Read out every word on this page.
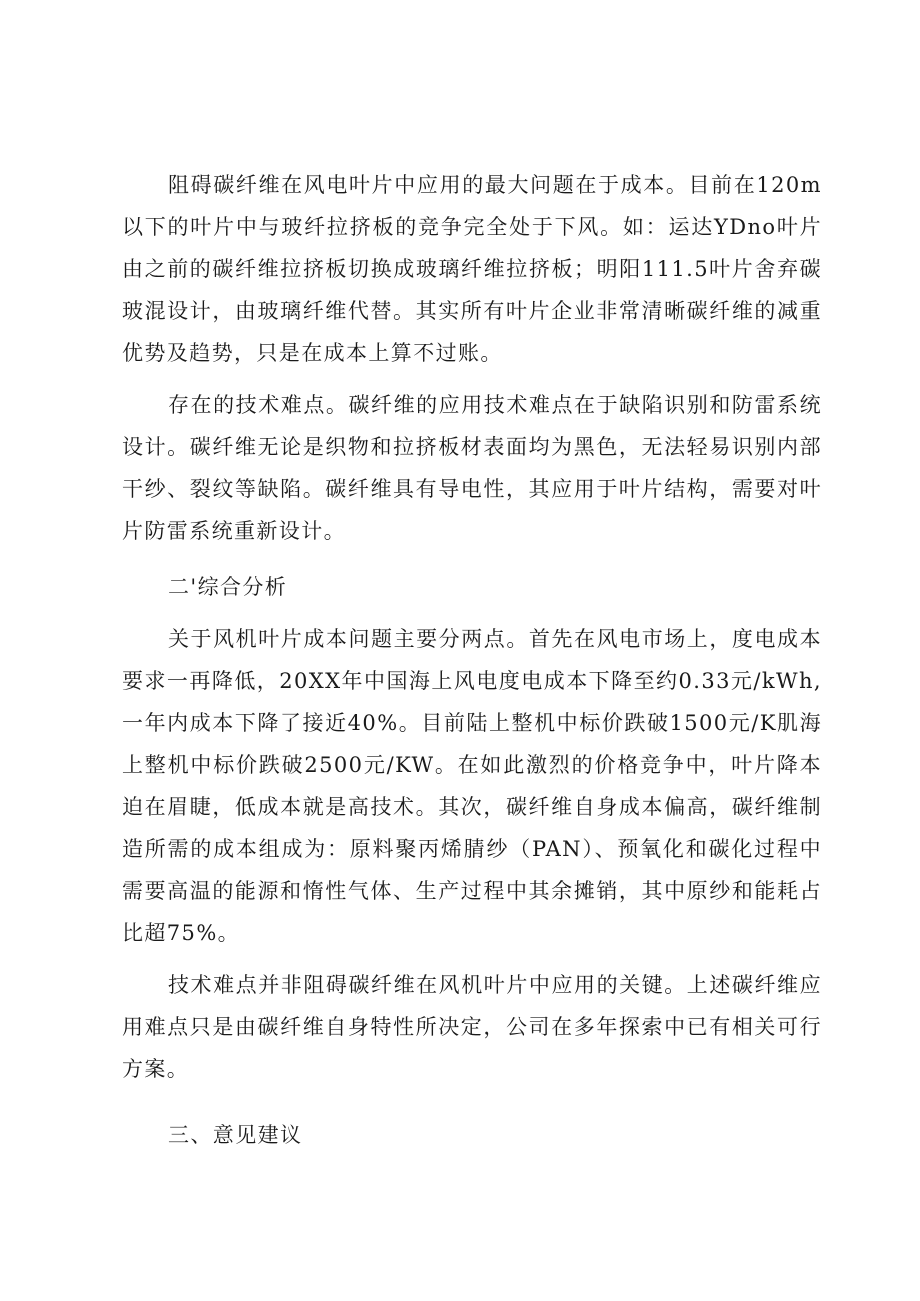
阻碍碳纤维在风电叶片中应用的最大问题在于成本。目前在120m以下的叶片中与玻纤拉挤板的竞争完全处于下风。如：运达YDno叶片由之前的碳纤维拉挤板切换成玻璃纤维拉挤板；明阳111.5叶片舍弃碳玻混设计，由玻璃纤维代替。其实所有叶片企业非常清晰碳纤维的减重优势及趋势，只是在成本上算不过账。

存在的技术难点。碳纤维的应用技术难点在于缺陷识别和防雷系统设计。碳纤维无论是织物和拉挤板材表面均为黑色，无法轻易识别内部干纱、裂纹等缺陷。碳纤维具有导电性，其应用于叶片结构，需要对叶片防雷系统重新设计。

二'综合分析

关于风机叶片成本问题主要分两点。首先在风电市场上，度电成本要求一再降低，20XX年中国海上风电度电成本下降至约0.33元/kWh,一年内成本下降了接近40%。目前陆上整机中标价跌破1500元/K肌海上整机中标价跌破2500元/KW。在如此激烈的价格竞争中，叶片降本迫在眉睫，低成本就是高技术。其次，碳纤维自身成本偏高，碳纤维制造所需的成本组成为：原料聚丙烯腈纱（PAN）、预氧化和碳化过程中需要高温的能源和惰性气体、生产过程中其余摊销，其中原纱和能耗占比超75%。

技术难点并非阻碍碳纤维在风机叶片中应用的关键。上述碳纤维应用难点只是由碳纤维自身特性所决定，公司在多年探索中已有相关可行方案。

三、意见建议
